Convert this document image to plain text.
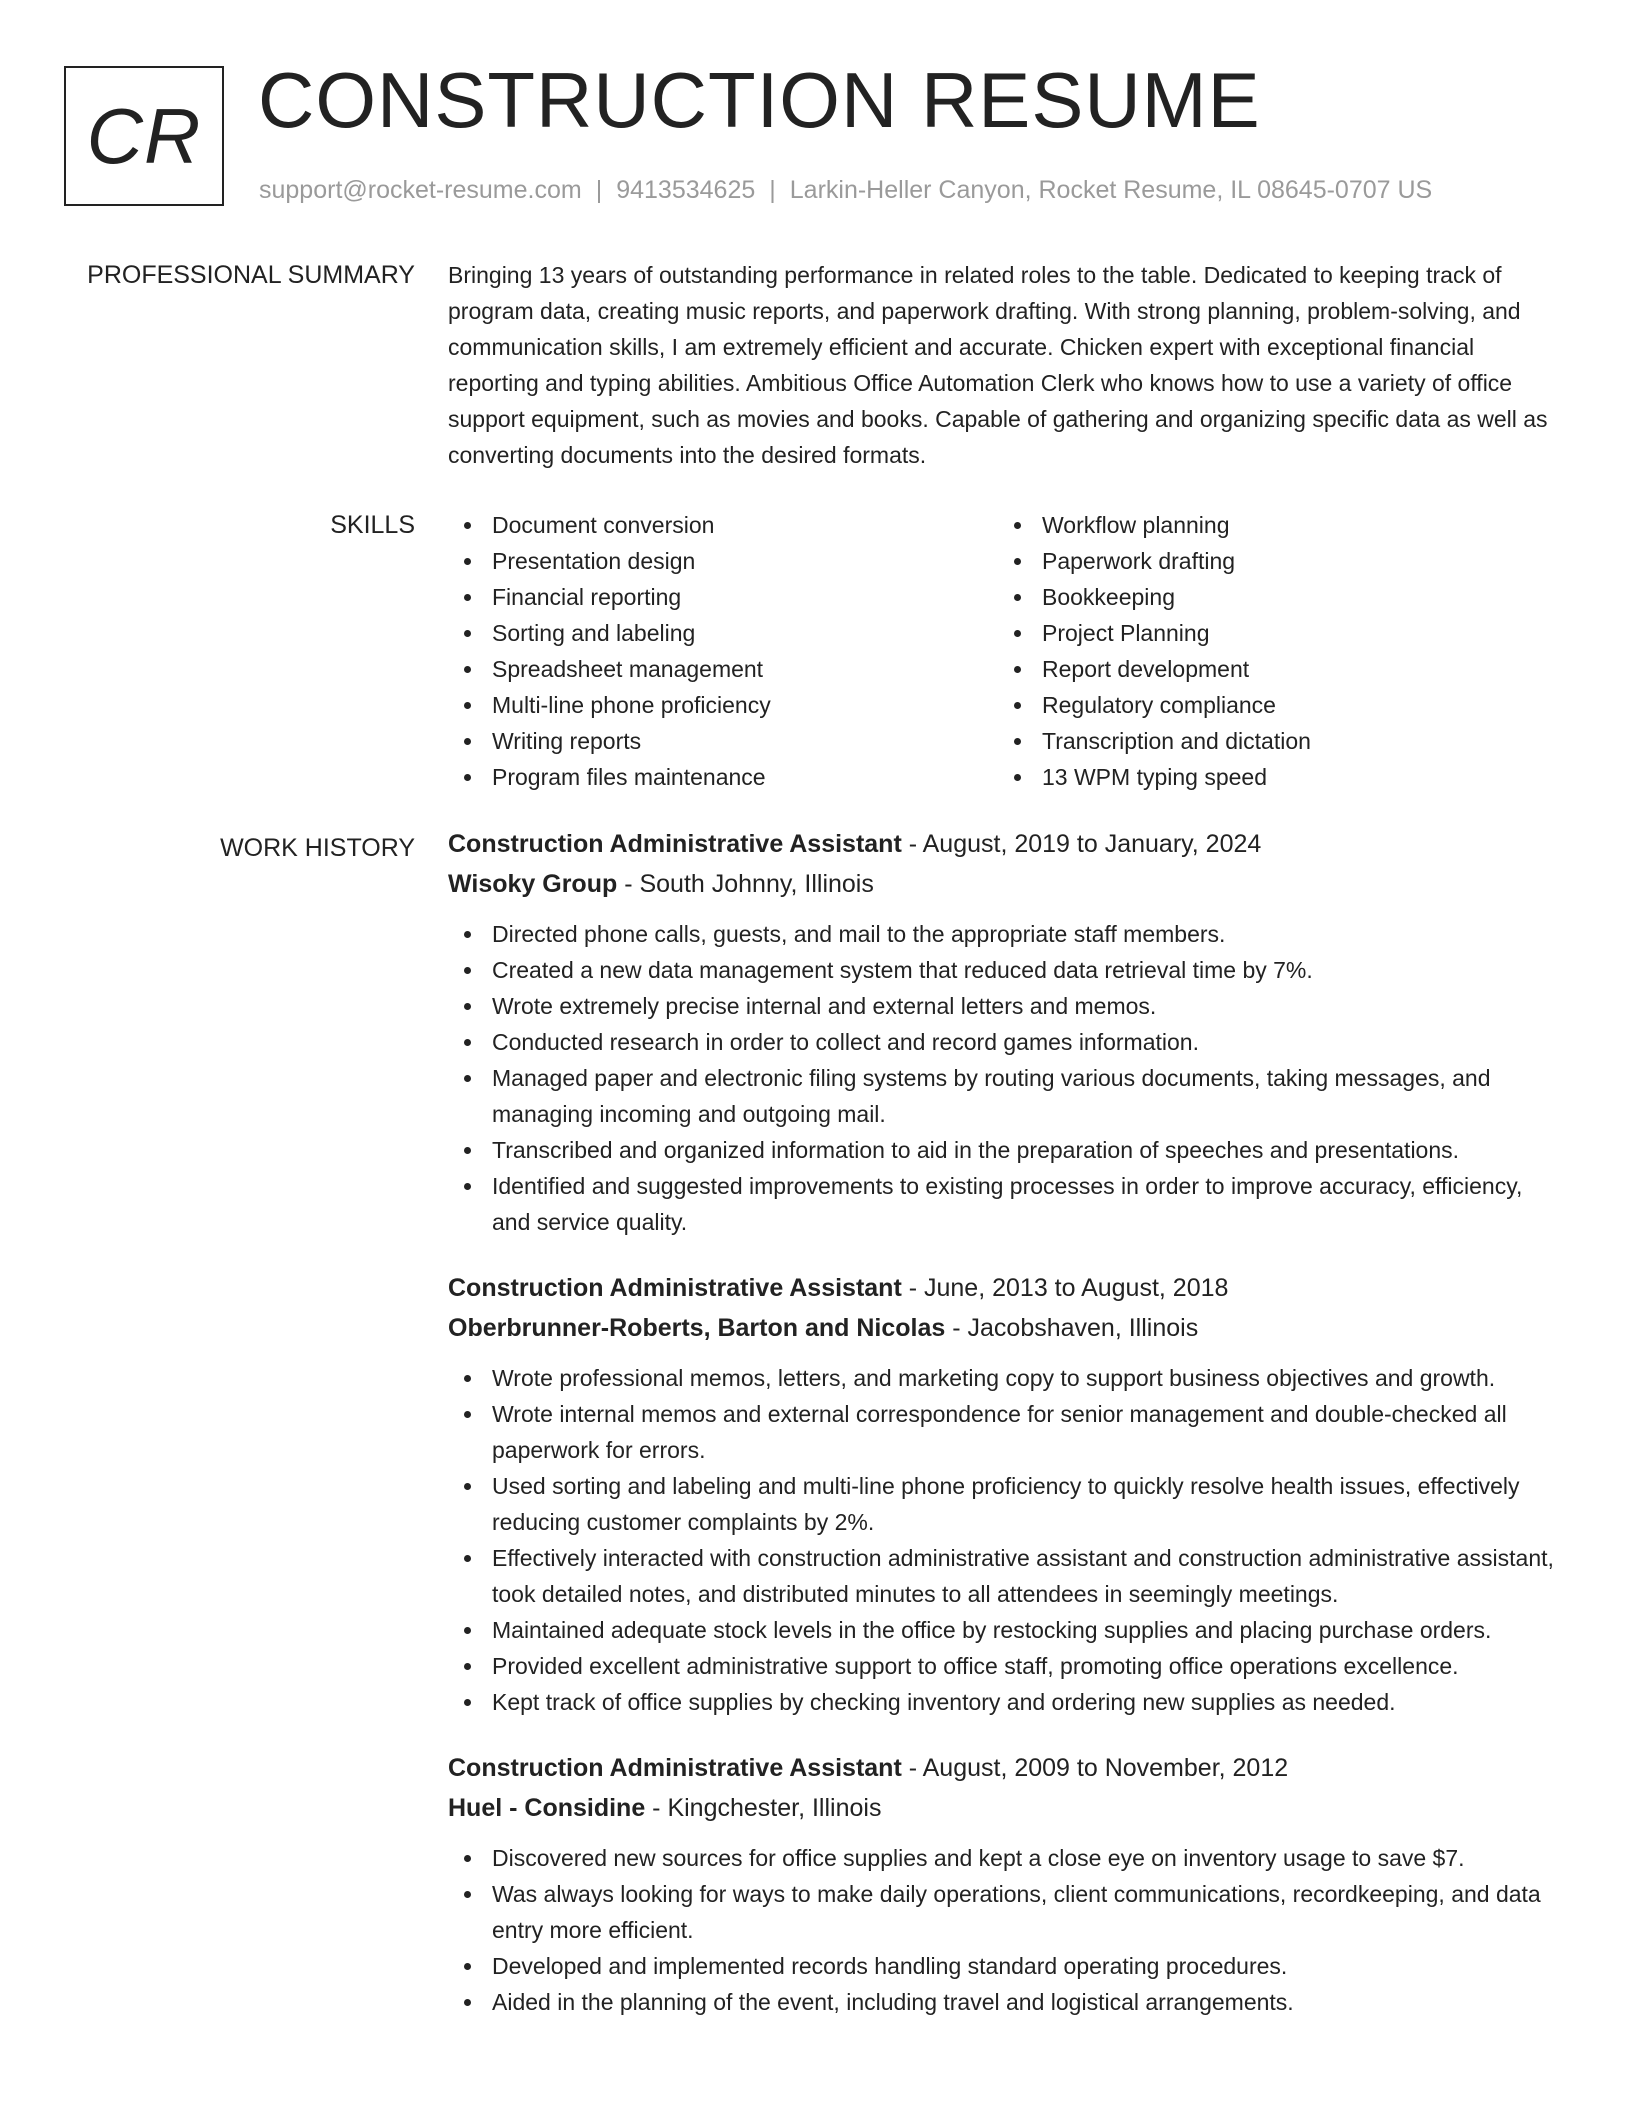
CR CONSTRUCTION RESUME
support@rocket-resume.com | 9413534625 | Larkin-Heller Canyon, Rocket Resume, IL 08645-0707 US
PROFESSIONAL SUMMARY Bringing 13 years of outstanding performance in related roles to the table. Dedicated to keeping track of program data, creating music reports, and paperwork drafting. With strong planning, problem-solving, and communication skills, I am extremely efficient and accurate. Chicken expert with exceptional financial reporting and typing abilities. Ambitious Office Automation Clerk who knows how to use a variety of office support equipment, such as movies and books. Capable of gathering and organizing specific data as well as converting documents into the desired formats.

SKILLS	Document conversion
Presentation design
Financial reporting
Sorting and labeling
Spreadsheet management
Multi-line phone proficiency
Writing reports
Program files maintenance
Workflow planning
Paperwork drafting
Bookkeeping
Project Planning
Report development
Regulatory compliance
Transcription and dictation
13 WPM typing speed
WORK HISTORY Construction Administrative Assistant - August, 2019 to January, 2024
Wisoky Group - South Johnny, Illinois
Directed phone calls, guests, and mail to the appropriate staff members.
Created a new data management system that reduced data retrieval time by 7%.
Wrote extremely precise internal and external letters and memos.
Conducted research in order to collect and record games information.
Managed paper and electronic filing systems by routing various documents, taking messages, and managing incoming and outgoing mail.
Transcribed and organized information to aid in the preparation of speeches and presentations.
Identified and suggested improvements to existing processes in order to improve accuracy, efficiency, and service quality.
Construction Administrative Assistant - June, 2013 to August, 2018
Oberbrunner-Roberts, Barton and Nicolas - Jacobshaven, Illinois
Wrote professional memos, letters, and marketing copy to support business objectives and growth.
Wrote internal memos and external correspondence for senior management and double-checked all paperwork for errors.
Used sorting and labeling and multi-line phone proficiency to quickly resolve health issues, effectively reducing customer complaints by 2%.
Effectively interacted with construction administrative assistant and construction administrative assistant, took detailed notes, and distributed minutes to all attendees in seemingly meetings.
Maintained adequate stock levels in the office by restocking supplies and placing purchase orders.
Provided excellent administrative support to office staff, promoting office operations excellence.
Kept track of office supplies by checking inventory and ordering new supplies as needed.
Construction Administrative Assistant - August, 2009 to November, 2012
Huel - Considine - Kingchester, Illinois
Discovered new sources for office supplies and kept a close eye on inventory usage to save $7.
Was always looking for ways to make daily operations, client communications, recordkeeping, and data entry more efficient.
Developed and implemented records handling standard operating procedures.
Aided in the planning of the event, including travel and logistical arrangements.
